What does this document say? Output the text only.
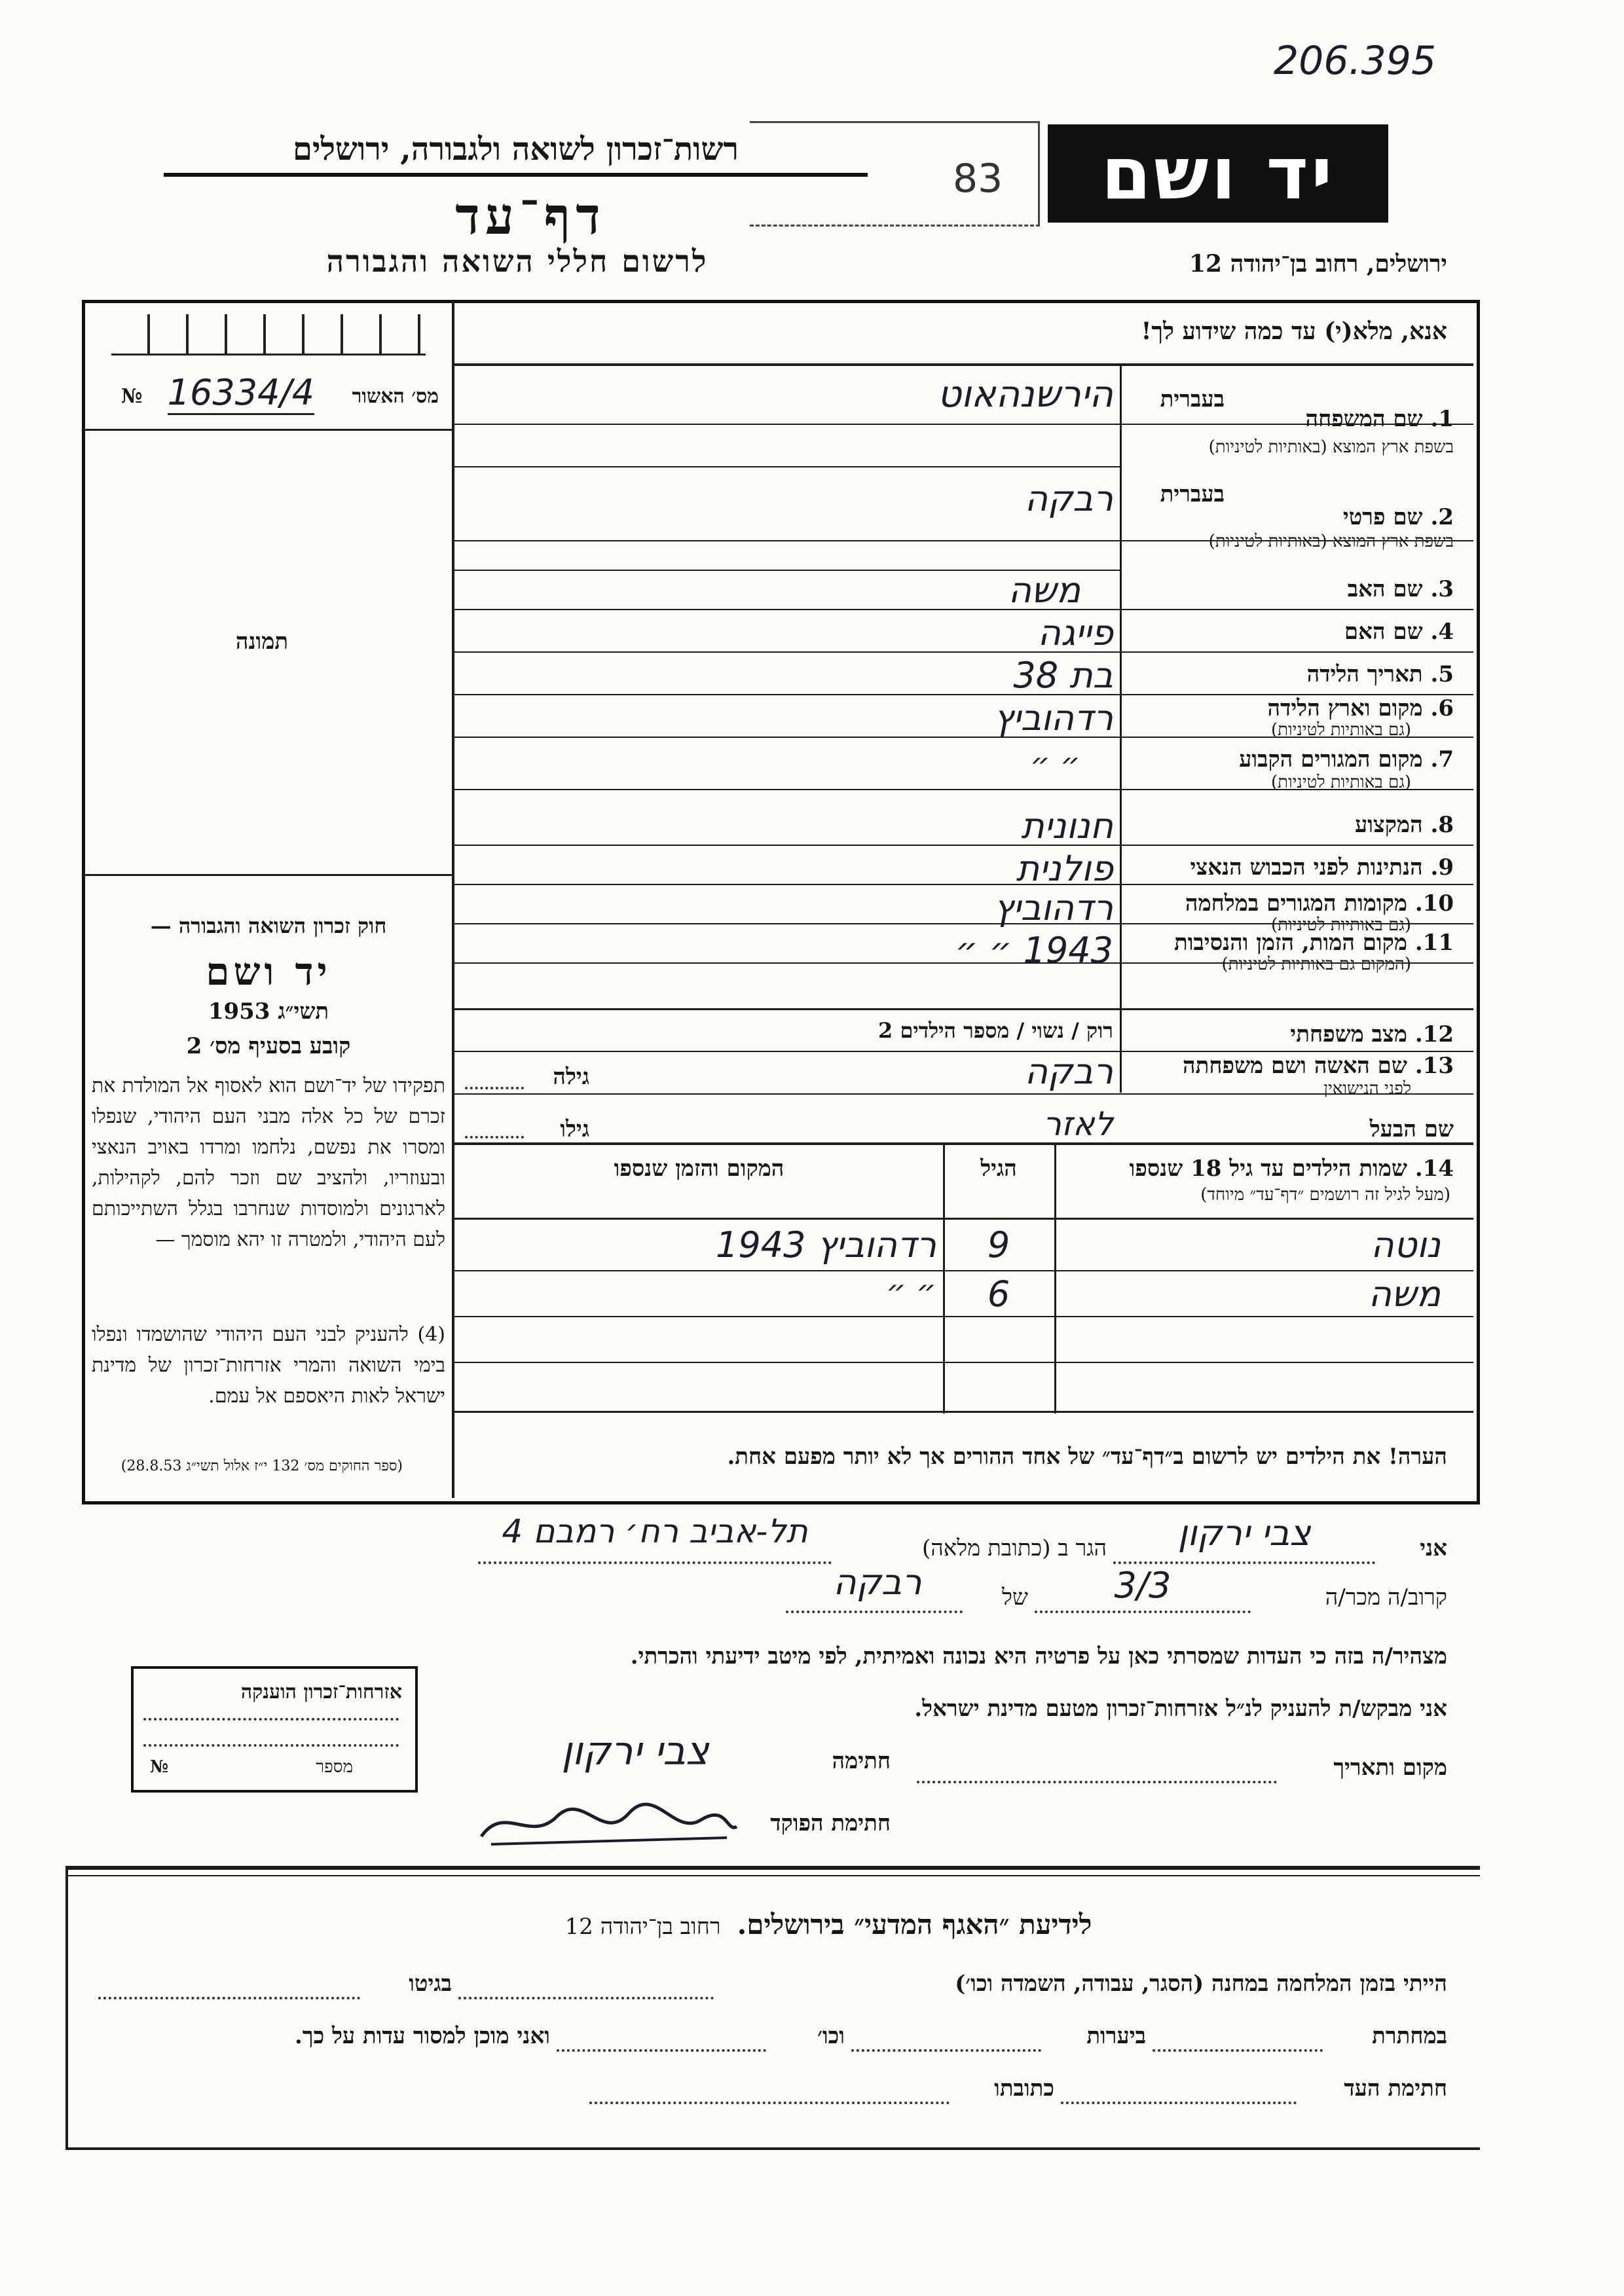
206.395
יד ושם
83
רשות־זכרון לשואה ולגבורה, ירושלים
דף־עד
לרשום חללי השואה והגבורה	ירושלים, רחוב בן־יהודה 12
אנא, מלא(י) עד כמה שידוע לך!
מס׳ האשור
16334/4
№
תמונה
חוק זכרון השואה והגבורה —
יד ושם
תשי״ג 1953
קובע בסעיף מס׳ 2
תפקידו של יד־ושם הוא לאסוף אל המולדת את זכרם של כל אלה מבני העם היהודי, שנפלו ומסרו את נפשם, נלחמו ומרדו באויב הנאצי ובעוזריו, ולהציב שם וזכר להם, לקהילות, לארגונים ולמוסדות שנחרבו בגלל השתייכותם לעם היהודי, ולמטרה זו יהא מוסמך —
(4) להעניק לבני העם היהודי שהושמדו ונפלו בימי השואה והמרי אזרחות־זכרון של מדינת ישראל לאות היאספם אל עמם.
(ספר החוקים מס׳ 132 י״ז אלול תשי״ג 28.8.53)
בעברית
1. שם המשפחה
בשפת ארץ המוצא (באותיות לטיניות)
הירשנהאוט
בעברית
2. שם פרטי
בשפת ארץ המוצא (באותיות לטיניות)
רבקה
3. שם האב
משה
4. שם האם
פייגה
5. תאריך הלידה
בת 38
6. מקום וארץ הלידה
(גם באותיות לטיניות)
רדהוביץ
7. מקום המגורים הקבוע
(גם באותיות לטיניות)
״ ״
8. המקצוע
חנונית
9. הנתינות לפני הכבוש הנאצי
פולנית
10. מקומות המגורים במלחמה
(גם באותיות לטיניות)
רדהוביץ
11. מקום המות, הזמן והנסיבות
(המקום גם באותיות לטיניות)
1943 ״ ״
12. מצב משפחתי
רוק / נשוי / מספר הילדים 2
13. שם האשה ושם משפחתה
לפני הנישואין
רבקה
גילה
שם הבעל
לאזר
גילו
14. שמות הילדים עד גיל 18 שנספו
(מעל לגיל זה רושמים ״דף־עד״ מיוחד)
הגיל
המקום והזמן שנספו
נוטה
9
רדהוביץ 1943
משה
6
״ ״
הערה! את הילדים יש לרשום ב״דף־עד״ של אחד ההורים אך לא יותר מפעם אחת.
אני
צבי ירקון
הגר ב (כתובת מלאה)
תל-אביב רח׳ רמבם 4
קרוב/ה מכר/ה
3/3
של
רבקה
מצהיר/ה בזה כי העדות שמסרתי כאן על פרטיה היא נכונה ואמיתית, לפי מיטב ידיעתי והכרתי.
אני מבקש/ת להעניק לנ״ל אזרחות־זכרון מטעם מדינת ישראל.
מקום ותאריך
חתימה
צבי ירקון
חתימת הפוקד
אזרחות־זכרון הוענקה
מספר
№
לידיעת ״האגף המדעי״ בירושלים. רחוב בן־יהודה 12
הייתי בזמן המלחמה במחנה (הסגר, עבודה, השמדה וכו׳)
בגיטו
במחתרת
ביערות
וכו׳
ואני מוכן למסור עדות על כך.
חתימת העד
כתובתו
